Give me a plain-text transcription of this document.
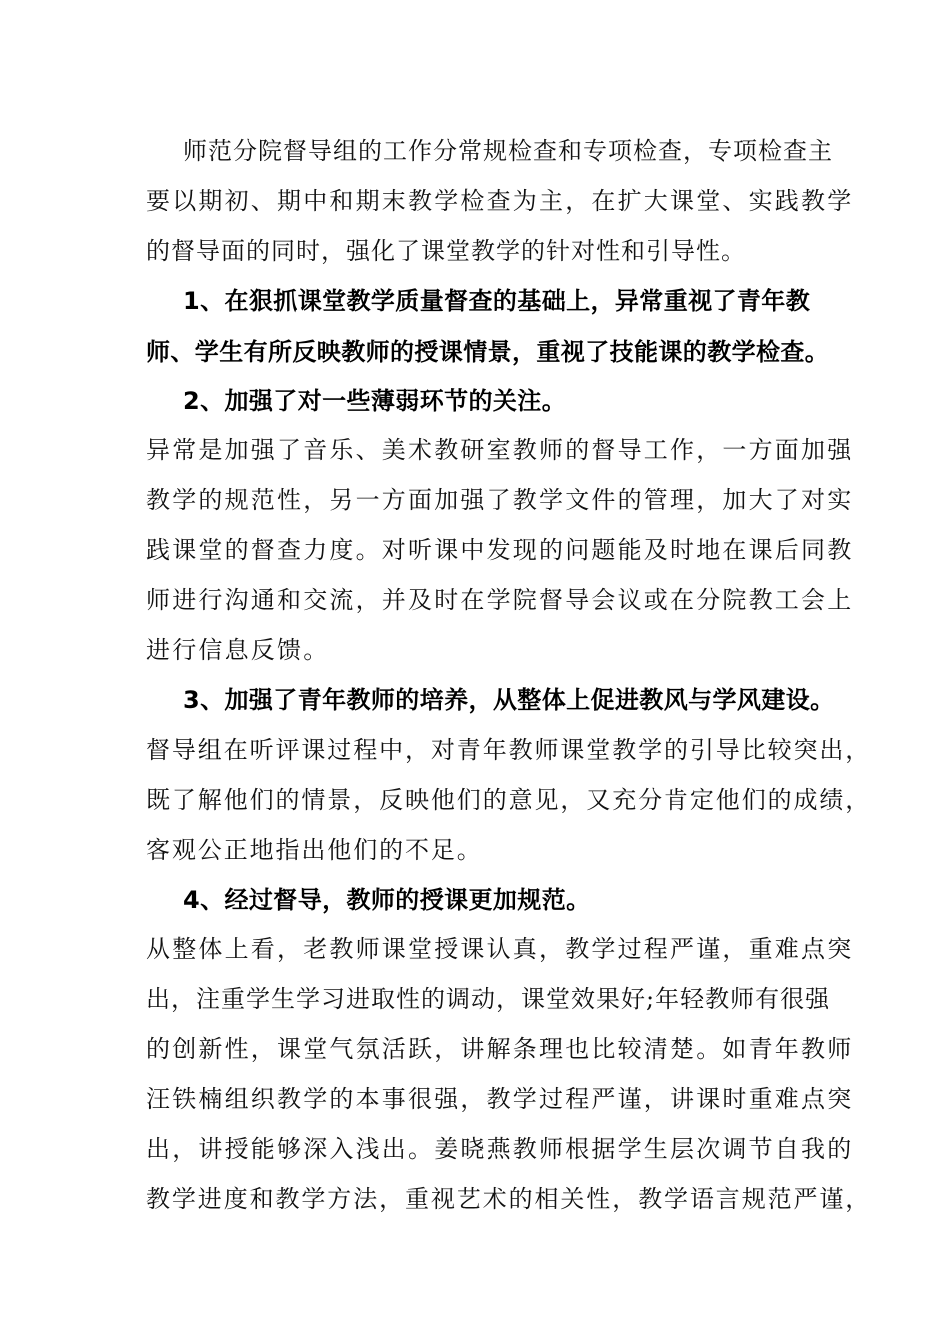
师范分院督导组的工作分常规检查和专项检查，专项检查主
要以期初、期中和期末教学检查为主，在扩大课堂、实践教学
的督导面的同时，强化了课堂教学的针对性和引导性。
1、在狠抓课堂教学质量督查的基础上，异常重视了青年教
师、学生有所反映教师的授课情景，重视了技能课的教学检查。
2、加强了对一些薄弱环节的关注。
异常是加强了音乐、美术教研室教师的督导工作，一方面加强
教学的规范性，另一方面加强了教学文件的管理，加大了对实
践课堂的督查力度。对听课中发现的问题能及时地在课后同教
师进行沟通和交流，并及时在学院督导会议或在分院教工会上
进行信息反馈。
3、加强了青年教师的培养，从整体上促进教风与学风建设。
督导组在听评课过程中，对青年教师课堂教学的引导比较突出，
既了解他们的情景，反映他们的意见，又充分肯定他们的成绩，
客观公正地指出他们的不足。
4、经过督导，教师的授课更加规范。
从整体上看，老教师课堂授课认真，教学过程严谨，重难点突
出，注重学生学习进取性的调动，课堂效果好;年轻教师有很强
的创新性，课堂气氛活跃，讲解条理也比较清楚。如青年教师
汪铁楠组织教学的本事很强，教学过程严谨，讲课时重难点突
出，讲授能够深入浅出。姜晓燕教师根据学生层次调节自我的
教学进度和教学方法，重视艺术的相关性，教学语言规范严谨，
